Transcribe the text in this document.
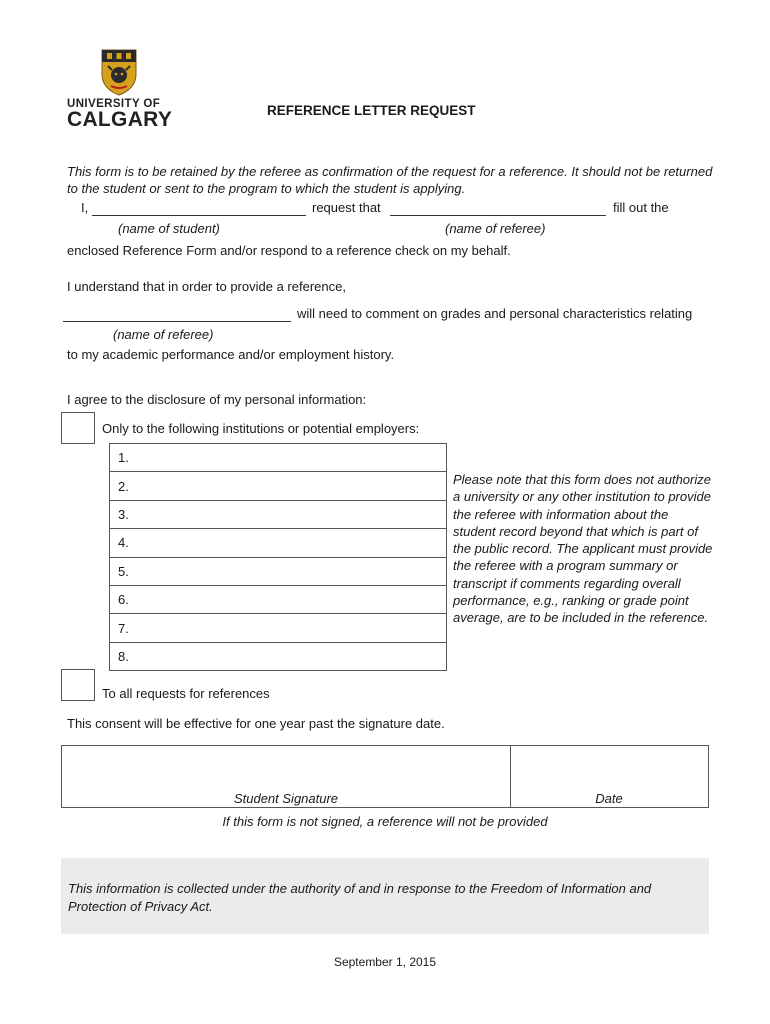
UNIVERSITY OF
CALGARY	REFERENCE LETTER REQUEST
This form is to be retained by the referee as confirmation of the request for a reference. It should not be returned to the student or sent to the program to which the student is applying.
I,	request that	fill out the
(name of student)	(name of referee)
enclosed Reference Form and/or respond to a reference check on my behalf.
I understand that in order to provide a reference,
will need to comment on grades and personal characteristics relating
(name of referee)
to my academic performance and/or employment history.
I agree to the disclosure of my personal information:
Only to the following institutions or potential employers:
1.
2.
3.
4.
5.
6.
7.
8.
Please note that this form does not authorize a university or any other institution to provide the referee with information about the student record beyond that which is part of the public record. The applicant must provide the referee with a program summary or transcript if comments regarding overall performance, e.g., ranking or grade point average, are to be included in the reference.
To all requests for references
This consent will be effective for one year past the signature date.
Student Signature	Date
If this form is not signed, a reference will not be provided
This information is collected under the authority of and in response to the Freedom of Information and Protection of Privacy Act.
September 1, 2015
